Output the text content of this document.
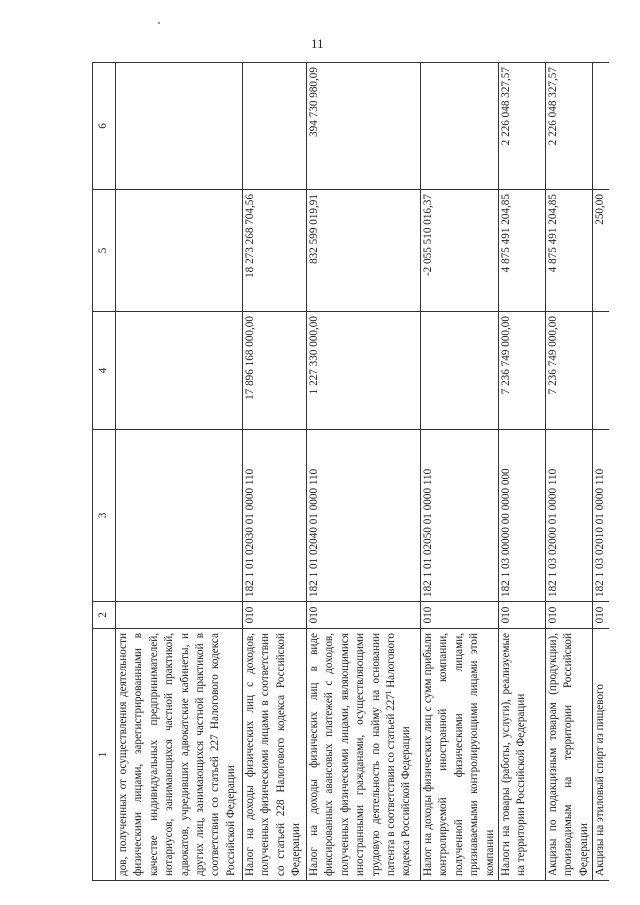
11
1	2	3	4	5	6
дов, полученных от осуществления деятельности физическими лицами, зарегистрированными в качестве индивидуальных предпринимателей, нотариусов, занимающихся частной практикой, адвокатов, учредивших адвокатские кабинеты, и других лиц, занимающихся частной практикой в соответствии со статьей 227 Налогового кодекса Российской Федерации					
Налог на доходы физических лиц с доходов, полученных физическими лицами в соответствии со статьей 228 Налогового кодекса Российской Федерации	010	182 1 01 02030 01 0000 110	17 896 168 000,00	18 273 268 704,56	
Налог на доходы физических лиц в виде фиксированных авансовых платежей с доходов, полученных физическими лицами, являющимися иностранными гражданами, осуществляющими трудовую деятельность по найму на основании патента в соответствии со статьей 227¹ Налогового кодекса Российской Федерации	010	182 1 01 02040 01 0000 110	1 227 330 000,00	832 599 019,91	394 730 980,09
Налог на доходы физических лиц с сумм прибыли контролируемой иностранной компании, полученной физическими лицами, признаваемыми контролирующими лицами этой компании	010	182 1 01 02050 01 0000 110		-2 055 510 016,37	
Налоги на товары (работы, услуги), реализуемые на территории Российской Федерации	010	182 1 03 00000 00 0000 000	7 236 749 000,00	4 875 491 204,85	2 226 048 327,57
Акцизы по подакцизным товарам (продукции), производимым на территории Российской Федерации	010	182 1 03 02000 01 0000 110	7 236 749 000,00	4 875 491 204,85	2 226 048 327,57
Акцизы на этиловый спирт из пищевого	010	182 1 03 02010 01 0000 110		250,00	
